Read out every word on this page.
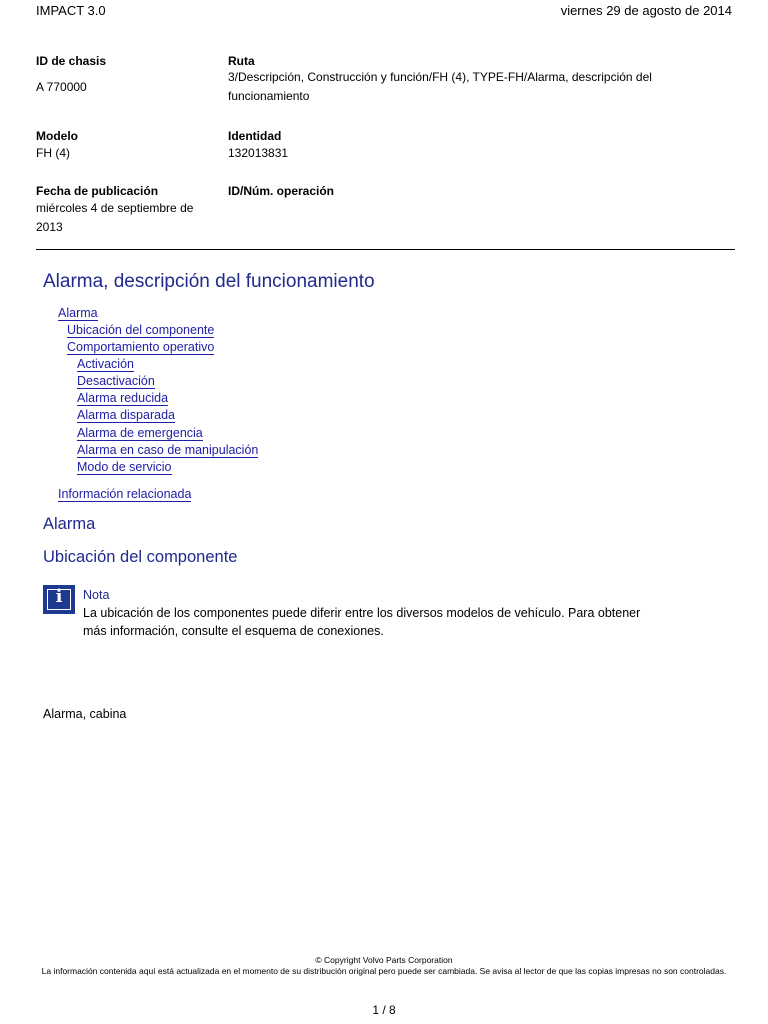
IMPACT 3.0	viernes 29 de agosto de 2014
ID de chasis
A 770000
Ruta
3/Descripción, Construcción y función/FH (4), TYPE-FH/Alarma, descripción del funcionamiento
Modelo
FH (4)
Identidad
132013831
Fecha de publicación
miércoles 4 de septiembre de 2013
ID/Núm. operación
Alarma, descripción del funcionamiento
Alarma
Ubicación del componente
Comportamiento operativo
Activación
Desactivación
Alarma reducida
Alarma disparada
Alarma de emergencia
Alarma en caso de manipulación
Modo de servicio
Información relacionada
Alarma
Ubicación del componente
i	Nota
La ubicación de los componentes puede diferir entre los diversos modelos de vehículo. Para obtener más información, consulte el esquema de conexiones.
Alarma, cabina
© Copyright Volvo Parts Corporation
La información contenida aquí está actualizada en el momento de su distribución original pero puede ser cambiada. Se avisa al lector de que las copias impresas no son controladas.
1 / 8
